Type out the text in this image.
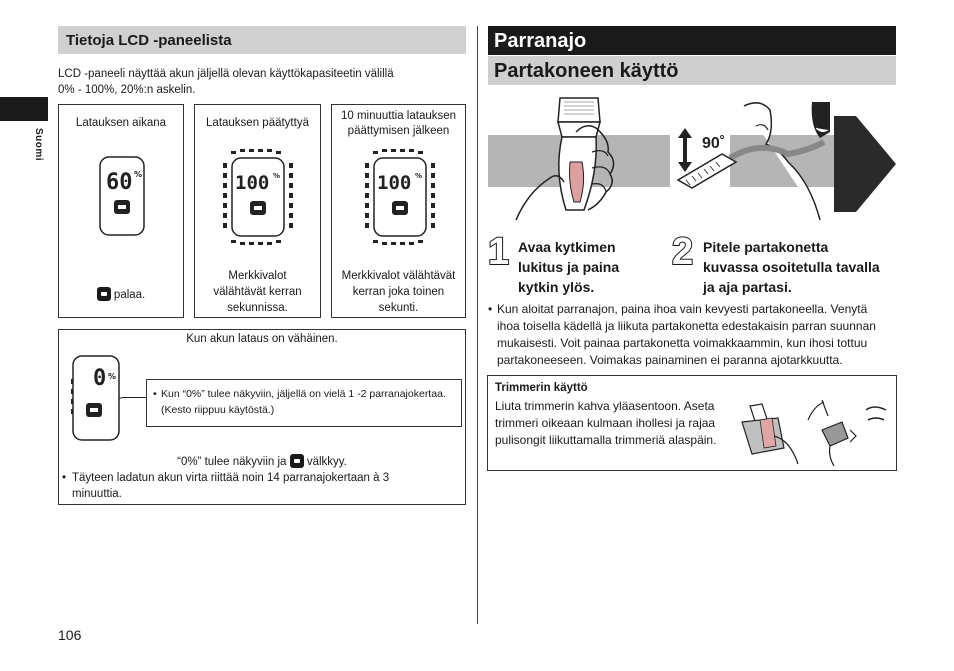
Suomi
106
Tietoja LCD -paneelista
LCD -paneeli näyttää akun jäljellä olevan käyttökapasiteetin välillä
0% - 100%, 20%:n askelin.
Latauksen aikana
60 %
palaa.
Latauksen päätyttyä
100 %
Merkkivalot
välähtävät kerran
sekunnissa.
10 minuuttia latauksen
päättymisen jälkeen
100 %
Merkkivalot välähtävät
kerran joka toinen
sekunti.
Kun akun lataus on vähäinen.
0 %
• Kun “0%” tulee näkyviin, jäljellä on vielä 1 -2 parranajokertaa.
(Kesto riippuu käytöstä.)
“0%” tulee näkyviin ja välkkyy.
• Täyteen ladatun akun virta riittää noin 14 parranajokertaan à 3
minuuttia.
Parranajo
Partakoneen käyttö
90˚
1 Avaa kytkimen
lukitus ja paina
kytkin ylös.
2 Pitele partakonetta
kuvassa osoitetulla tavalla
ja aja partasi.
• Kun aloitat parranajon, paina ihoa vain kevyesti partakoneella. Venytä
ihoa toisella kädellä ja liikuta partakonetta edestakaisin parran suunnan
mukaisesti. Voit painaa partakonetta voimakkaammin, kun ihosi tottuu
partakoneeseen. Voimakas painaminen ei paranna ajotarkkuutta.
Trimmerin käyttö
Liuta trimmerin kahva yläasentoon. Aseta
trimmeri oikeaan kulmaan ihollesi ja rajaa
pulisongit liikuttamalla trimmeriä alaspäin.
